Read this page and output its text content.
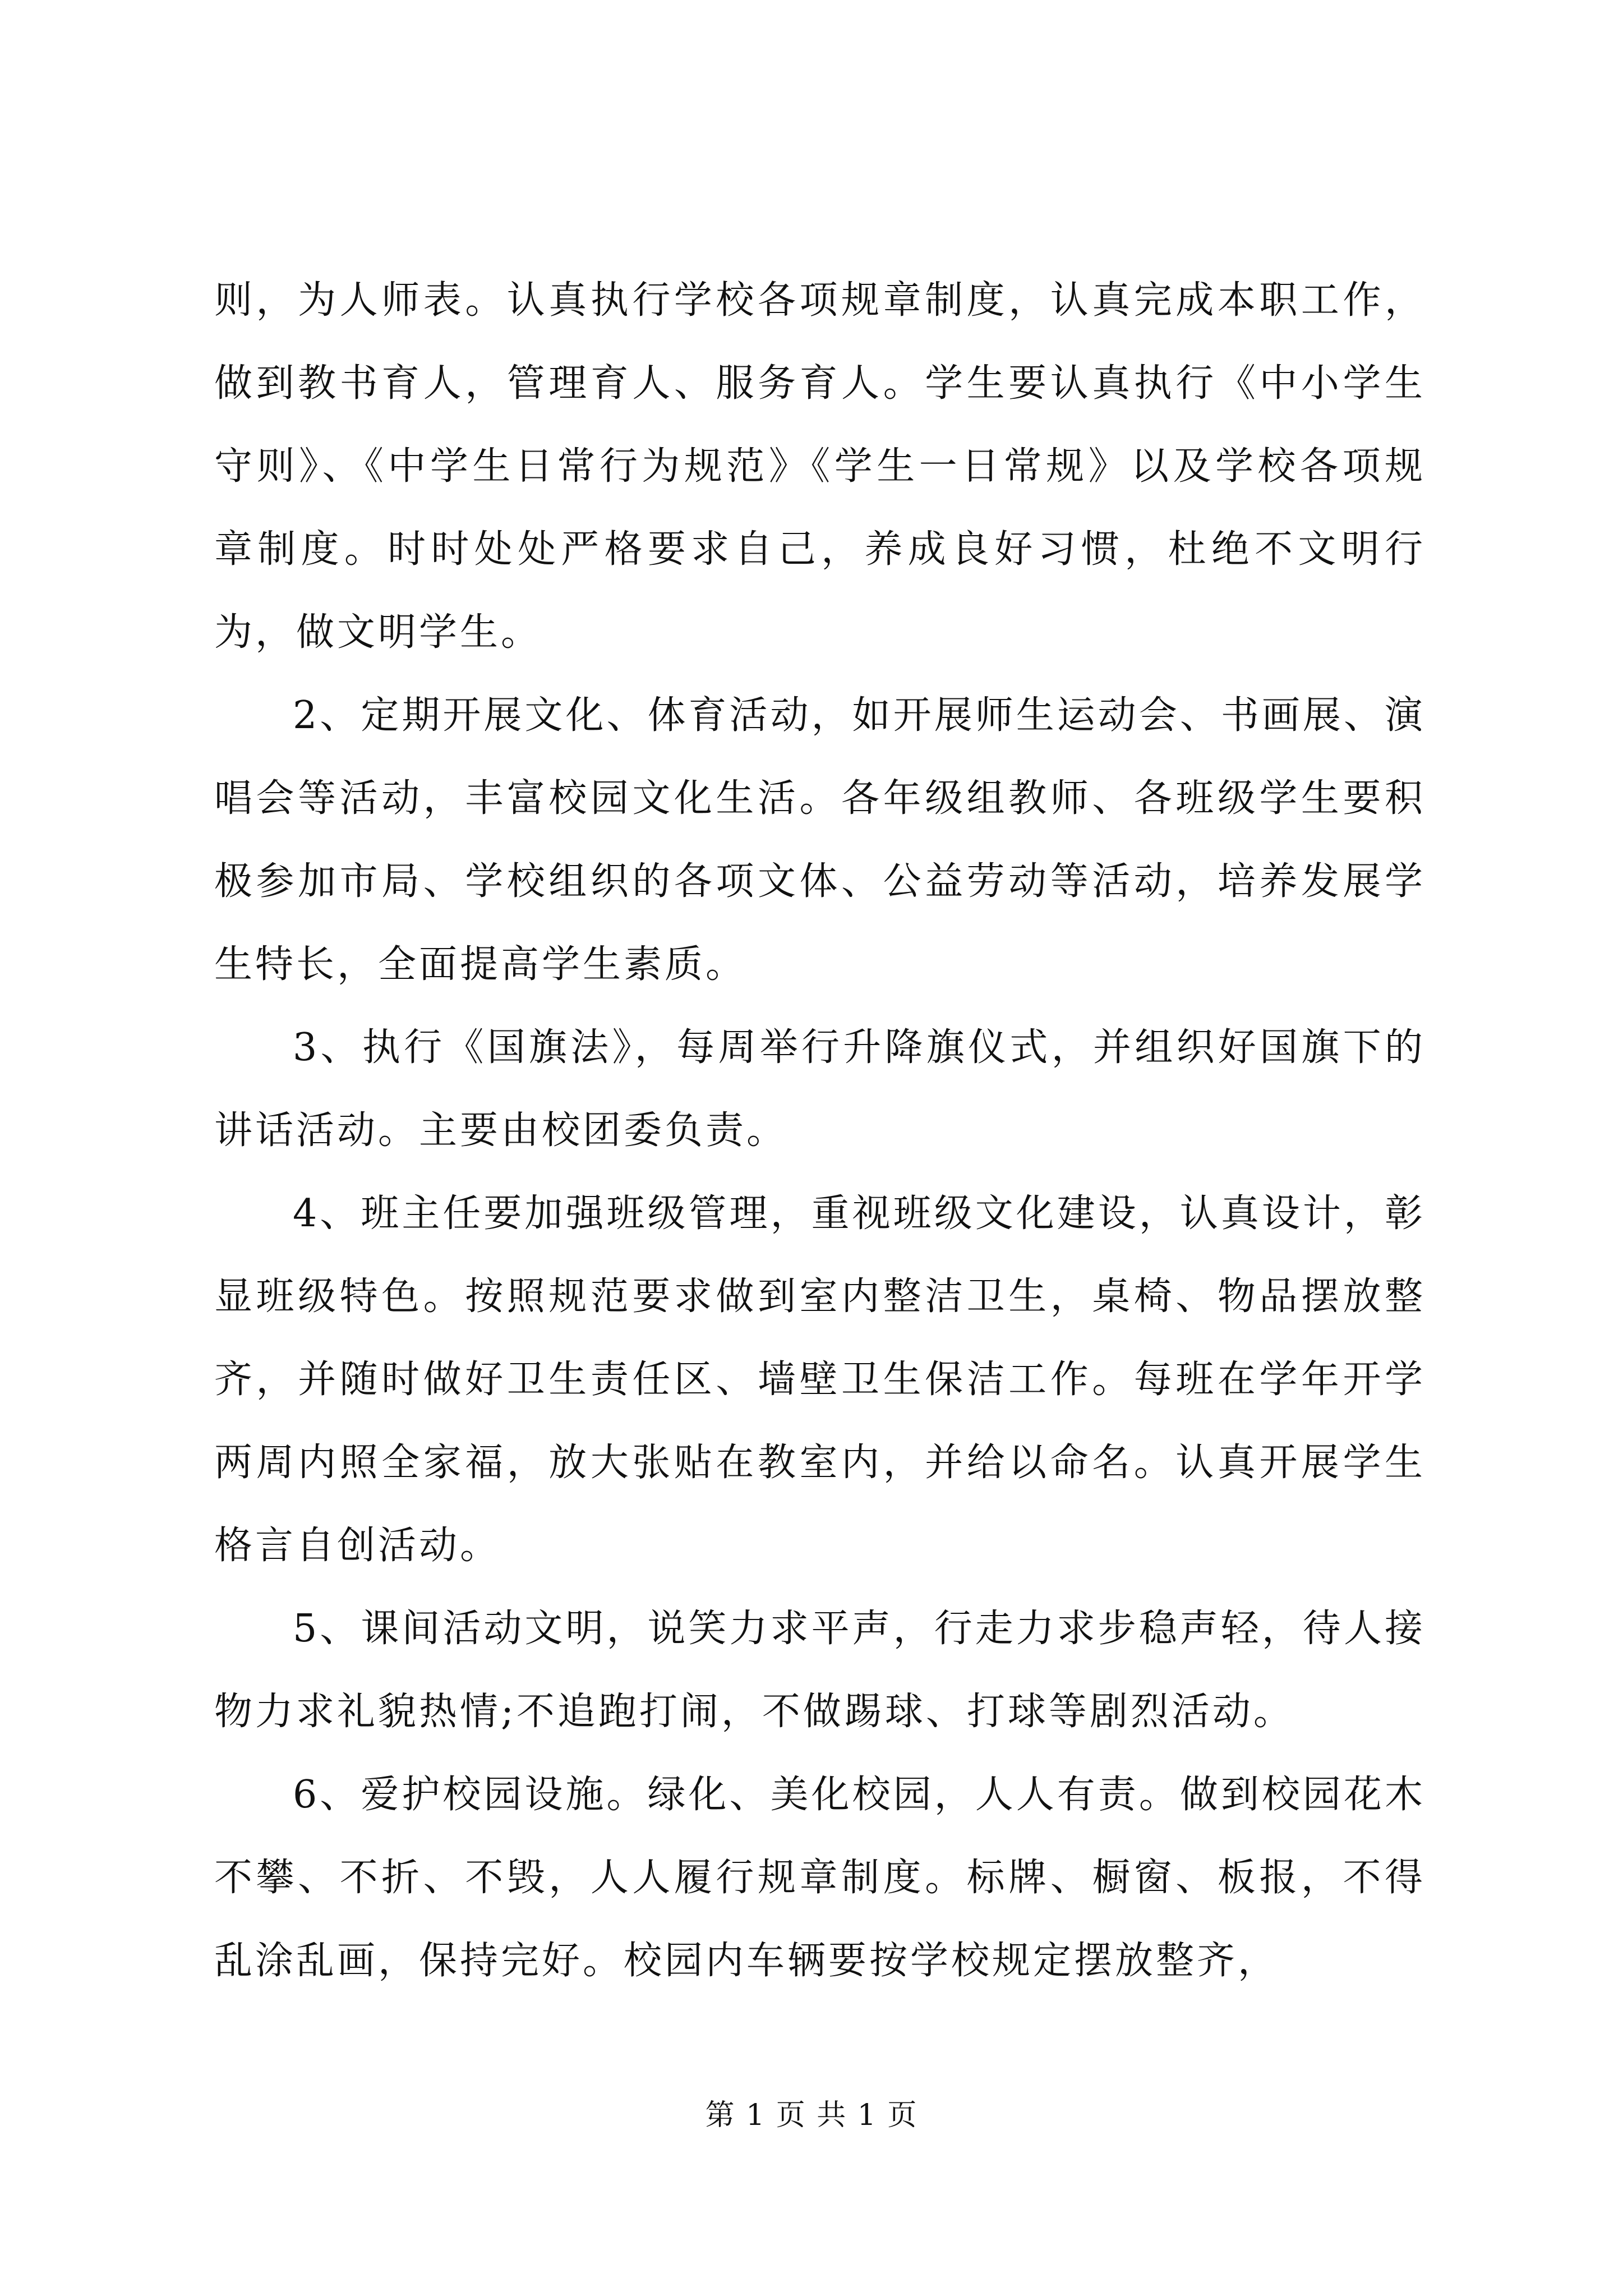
则，为人师表。认真执行学校各项规章制度，认真完成本职工作，做到教书育人，管理育人、服务育人。学生要认真执行《中小学生守则》、《中学生日常行为规范》《学生一日常规》以及学校各项规章制度。时时处处严格要求自己，养成良好习惯，杜绝不文明行为，做文明学生。

2、定期开展文化、体育活动，如开展师生运动会、书画展、演唱会等活动，丰富校园文化生活。各年级组教师、各班级学生要积极参加市局、学校组织的各项文体、公益劳动等活动，培养发展学生特长，全面提高学生素质。

3、执行《国旗法》，每周举行升降旗仪式，并组织好国旗下的讲话活动。主要由校团委负责。

4、班主任要加强班级管理，重视班级文化建设，认真设计，彰显班级特色。按照规范要求做到室内整洁卫生，桌椅、物品摆放整齐，并随时做好卫生责任区、墙壁卫生保洁工作。每班在学年开学两周内照全家福，放大张贴在教室内，并给以命名。认真开展学生格言自创活动。

5、课间活动文明，说笑力求平声，行走力求步稳声轻，待人接物力求礼貌热情;不追跑打闹，不做踢球、打球等剧烈活动。

6、爱护校园设施。绿化、美化校园，人人有责。做到校园花木不攀、不折、不毁，人人履行规章制度。标牌、橱窗、板报，不得乱涂乱画，保持完好。校园内车辆要按学校规定摆放整齐，

第 1 页 共 1 页
